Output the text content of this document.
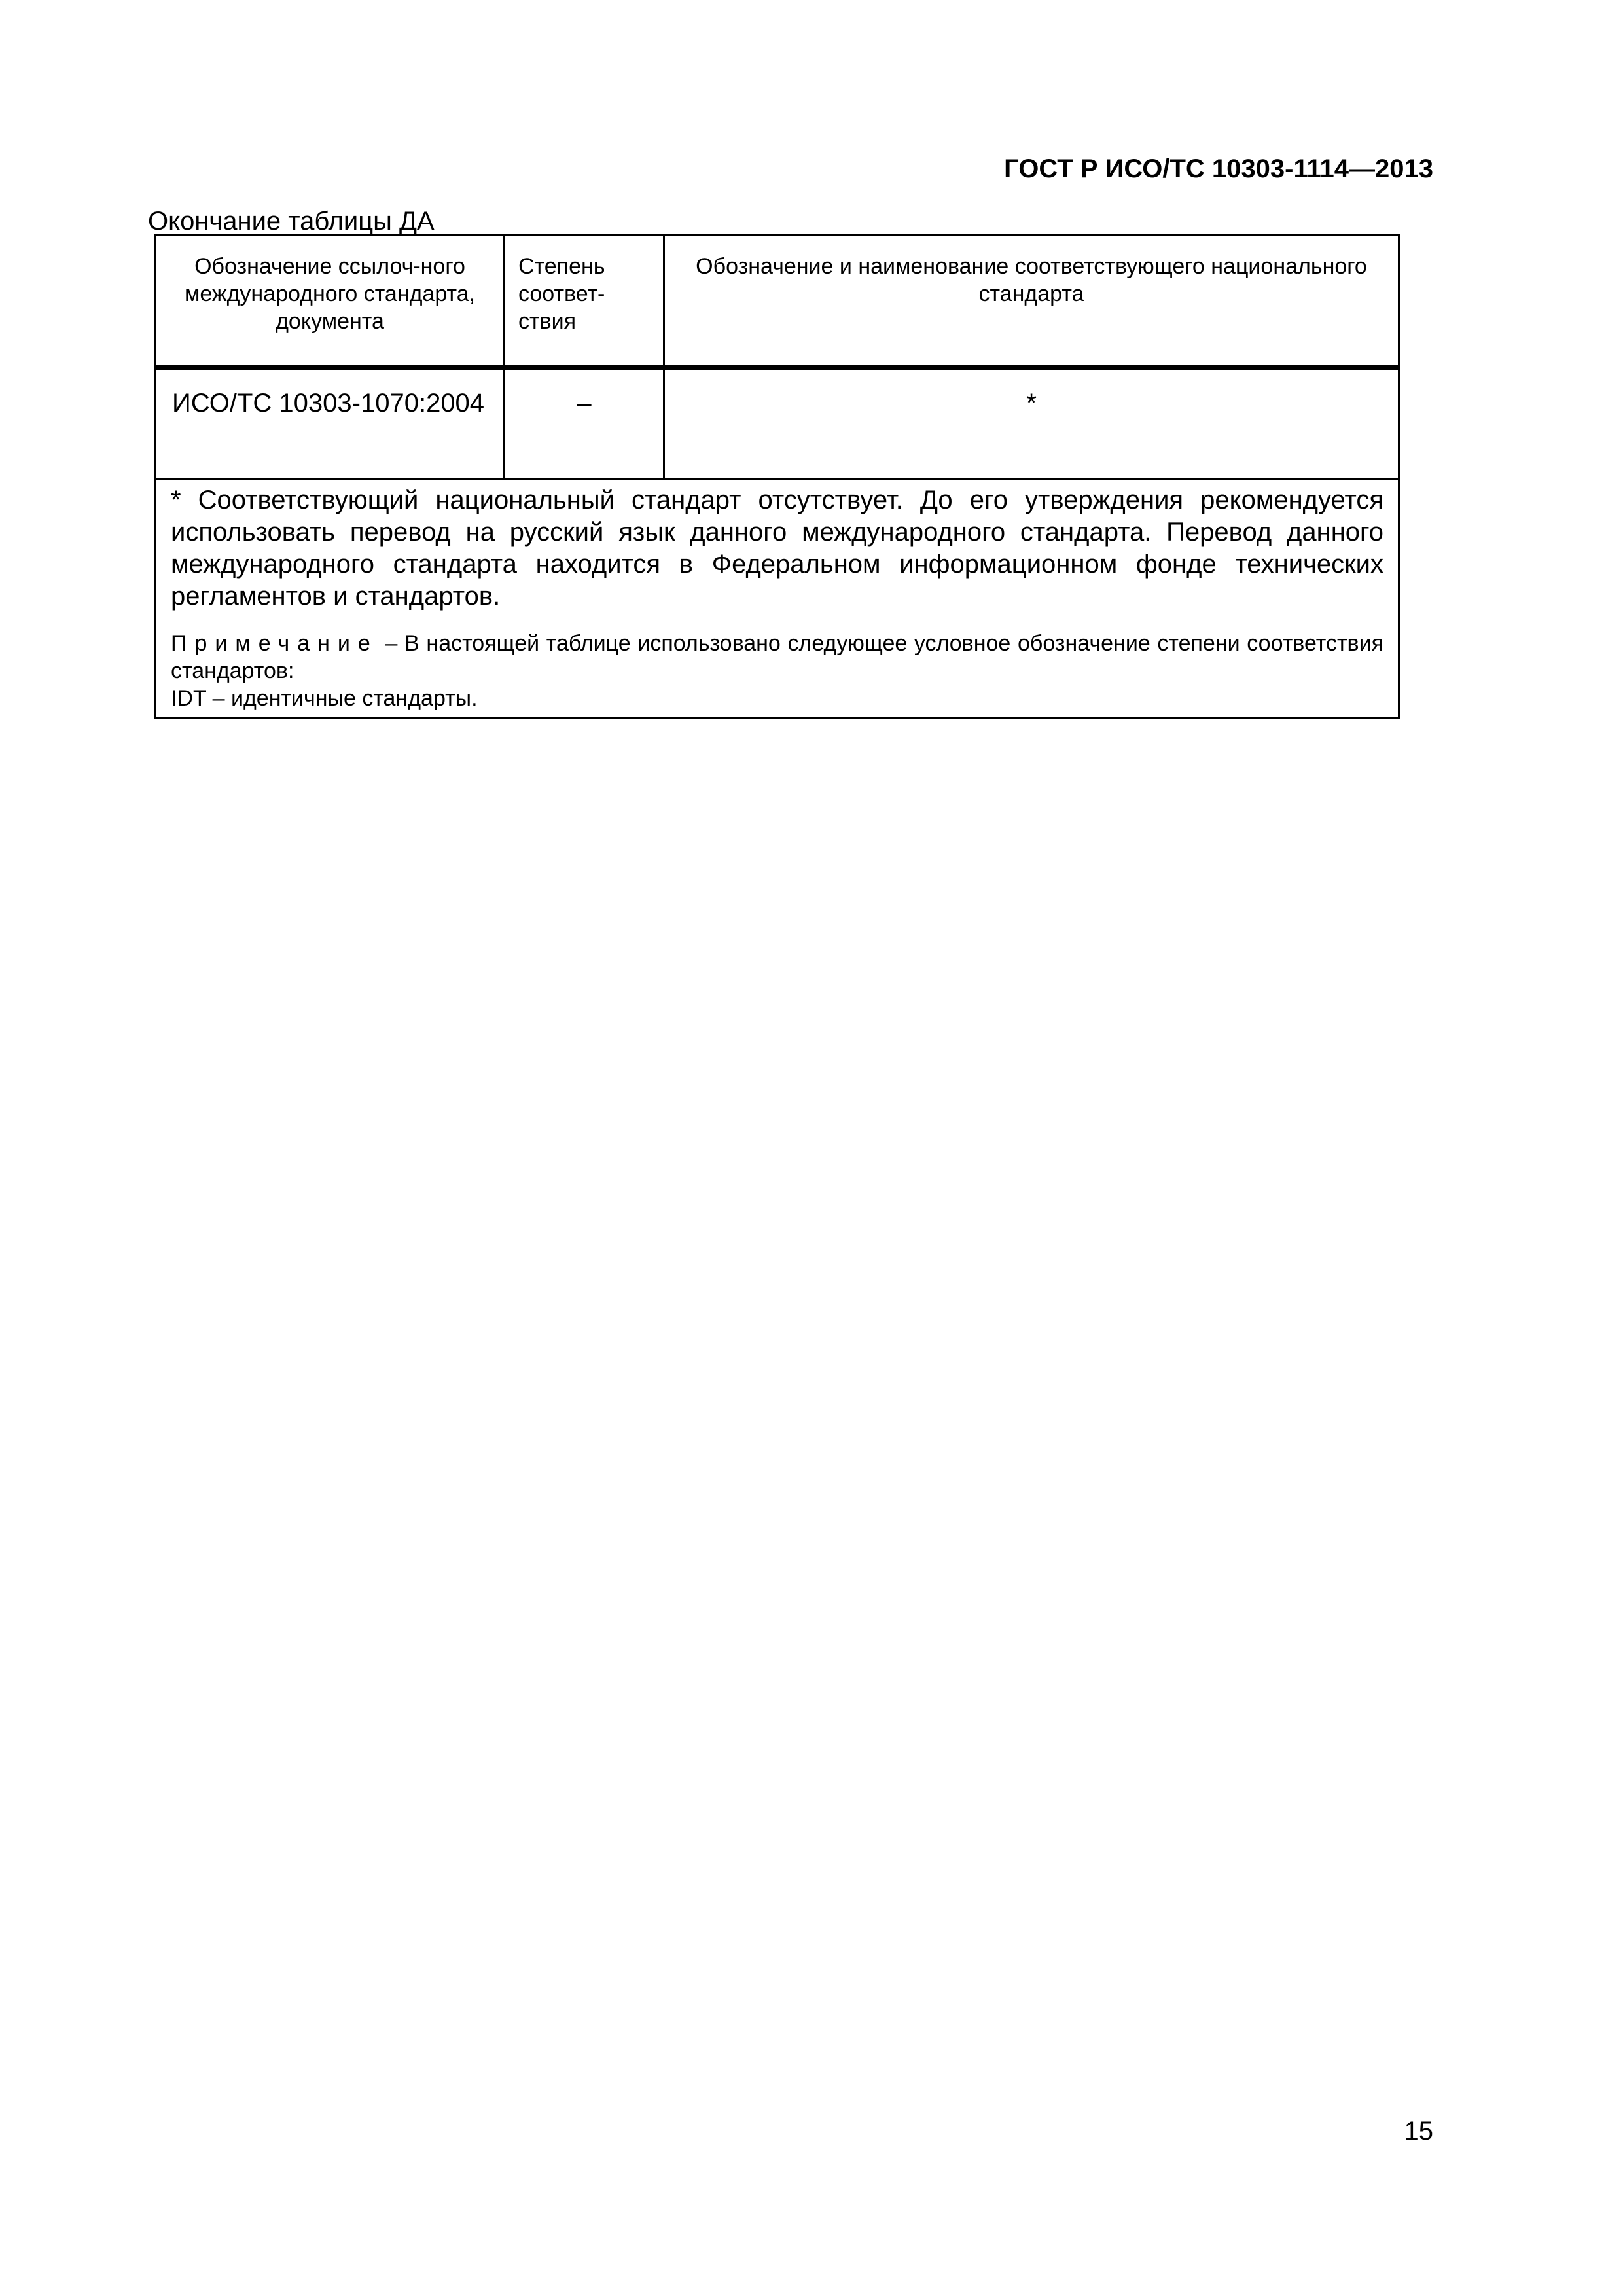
ГОСТ Р ИСО/ТС 10303-1114—2013
Окончание таблицы ДА
Обозначение ссылоч-ного международного стандарта, документа	Степень соответ-ствия	Обозначение и наименование соответствующего национального стандарта
ИСО/ТС 10303-1070:2004	–	*

* Соответствующий национальный стандарт отсутствует. До его утверждения рекомендуется использовать перевод на русский язык данного международного стандарта. Перевод данного международного стандарта находится в Федеральном информационном фонде технических регламентов и стандартов.
Примечание – В настоящей таблице использовано следующее условное обозначение степени соответствия стандартов:
IDT – идентичные стандарты.		
15
